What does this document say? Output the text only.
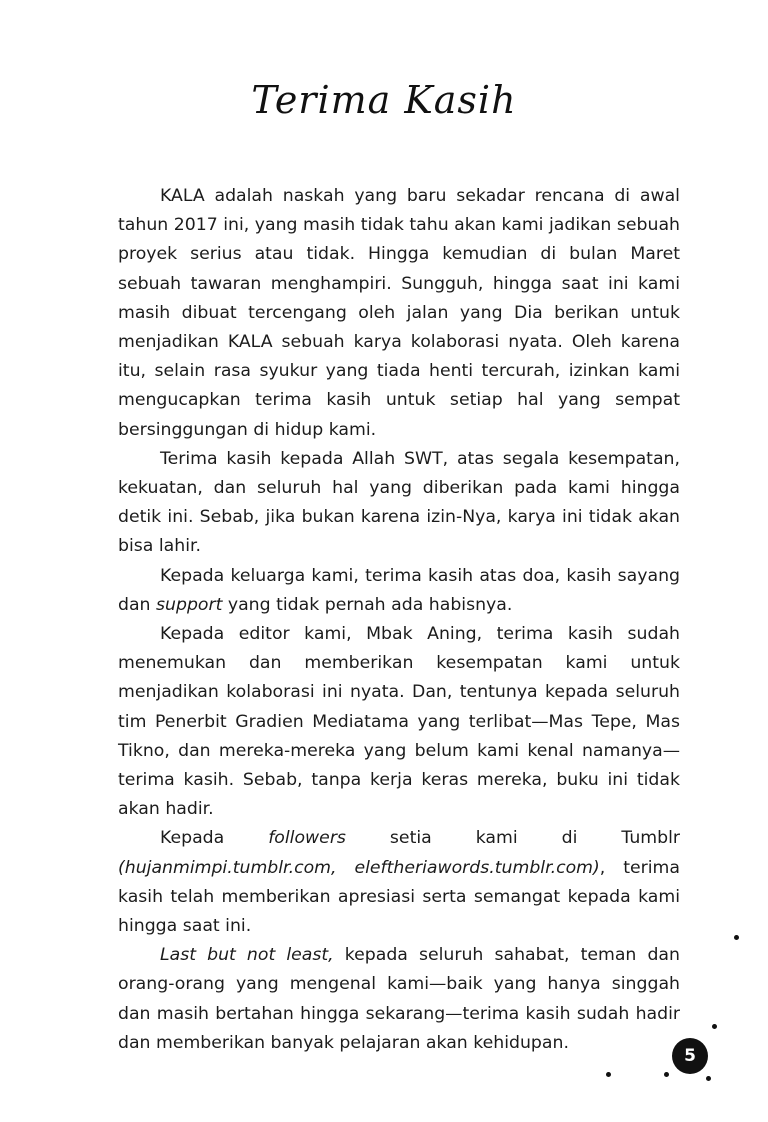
Terima Kasih

KALA adalah naskah yang baru sekadar rencana di awal tahun 2017 ini, yang masih tidak tahu akan kami jadikan sebuah proyek serius atau tidak. Hingga kemudian di bulan Maret sebuah tawaran menghampiri. Sungguh, hingga saat ini kami masih dibuat tercengang oleh jalan yang Dia berikan untuk menjadikan KALA sebuah karya kolaborasi nyata. Oleh karena itu, selain rasa syukur yang tiada henti tercurah, izinkan kami mengucapkan terima kasih untuk setiap hal yang sempat bersinggungan di hidup kami.

Terima kasih kepada Allah SWT, atas segala kesempatan, kekuatan, dan seluruh hal yang diberikan pada kami hingga detik ini. Sebab, jika bukan karena izin-Nya, karya ini tidak akan bisa lahir.

Kepada keluarga kami, terima kasih atas doa, kasih sayang dan support yang tidak pernah ada habisnya.

Kepada editor kami, Mbak Aning, terima kasih sudah menemukan dan memberikan kesempatan kami untuk menjadikan kolaborasi ini nyata. Dan, tentunya kepada seluruh tim Penerbit Gradien Mediatama yang terlibat—Mas Tepe, Mas Tikno, dan mereka-mereka yang belum kami kenal namanya—terima kasih. Sebab, tanpa kerja keras mereka, buku ini tidak akan hadir.

Kepada followers setia kami di Tumblr (hujanmimpi.tumblr.com, eleftheriawords.tumblr.com), terima kasih telah memberikan apresiasi serta semangat kepada kami hingga saat ini.

Last but not least, kepada seluruh sahabat, teman dan orang-orang yang mengenal kami—baik yang hanya singgah dan masih bertahan hingga sekarang—terima kasih sudah hadir dan memberikan banyak pelajaran akan kehidupan.

5
